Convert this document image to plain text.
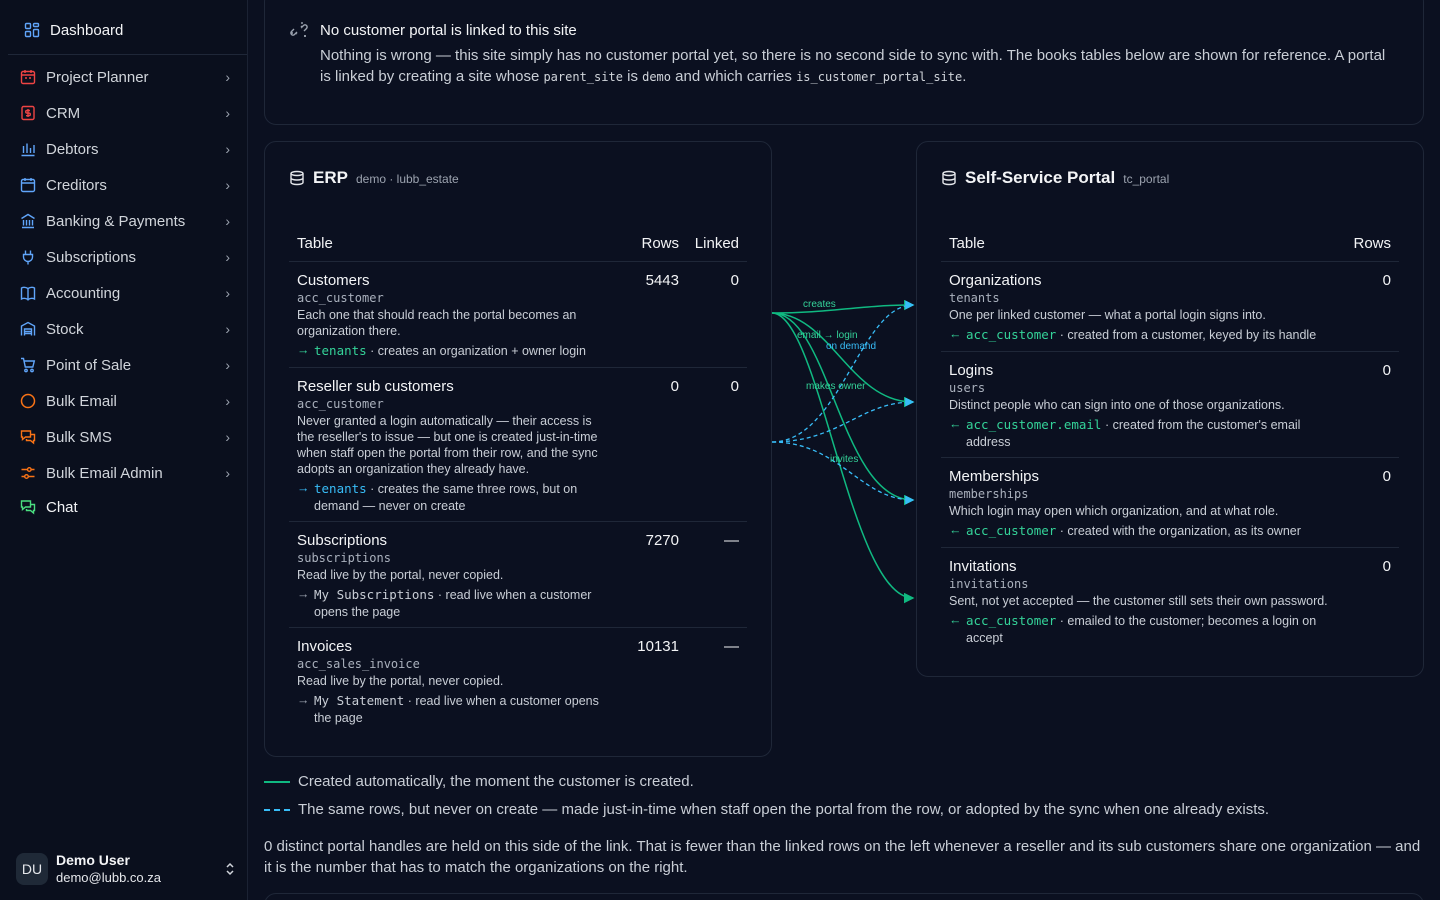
Dashboard
Project Planner	›
CRM	›
Debtors	›
Creditors	›
Banking & Payments	›
Subscriptions	›
Accounting	›
Stock	›
Point of Sale	›
Bulk Email	›
Bulk SMS	›
Bulk Email Admin	›
Chat
DU
Demo User
demo@lubb.co.za
No customer portal is linked to this site
Nothing is wrong — this site simply has no customer portal yet, so there is no second side to sync with. The books tables below are shown for reference. A portal is linked by creating a site whose parent_site is demo and which carries is_customer_portal_site.
ERP demo · lubb_estate
Table	Rows	Linked
Customers
acc_customer
Each one that should reach the portal becomes an
organization there.
→ tenants · creates an organization + owner login
5443	0
Reseller sub customers
acc_customer
Never granted a login automatically — their access is
the reseller's to issue — but one is created just-in-time
when staff open the portal from their row, and the sync
adopts an organization they already have.
→ tenants · creates the same three rows, but on
demand — never on create
0	0
Subscriptions
subscriptions
Read live by the portal, never copied.
→ My Subscriptions · read live when a customer
opens the page
7270	—
Invoices
acc_sales_invoice
Read live by the portal, never copied.
→ My Statement · read live when a customer opens
the page
10131	—
creates
email → login
on demand
makes owner
invites
Self-Service Portal tc_portal
Table	Rows
Organizations
tenants
One per linked customer — what a portal login signs into.
← acc_customer · created from a customer, keyed by its handle
0
Logins
users
Distinct people who can sign into one of those organizations.
← acc_customer.email · created from the customer's email
address
0
Memberships
memberships
Which login may open which organization, and at what role.
← acc_customer · created with the organization, as its owner
0
Invitations
invitations
Sent, not yet accepted — the customer still sets their own password.
← acc_customer · emailed to the customer; becomes a login on
accept
0
Created automatically, the moment the customer is created.
The same rows, but never on create — made just-in-time when staff open the portal from the row, or adopted by the sync when one already exists.
0 distinct portal handles are held on this side of the link. That is fewer than the linked rows on the left whenever a reseller and its sub customers share one organization — and it is the number that has to match the organizations on the right.
